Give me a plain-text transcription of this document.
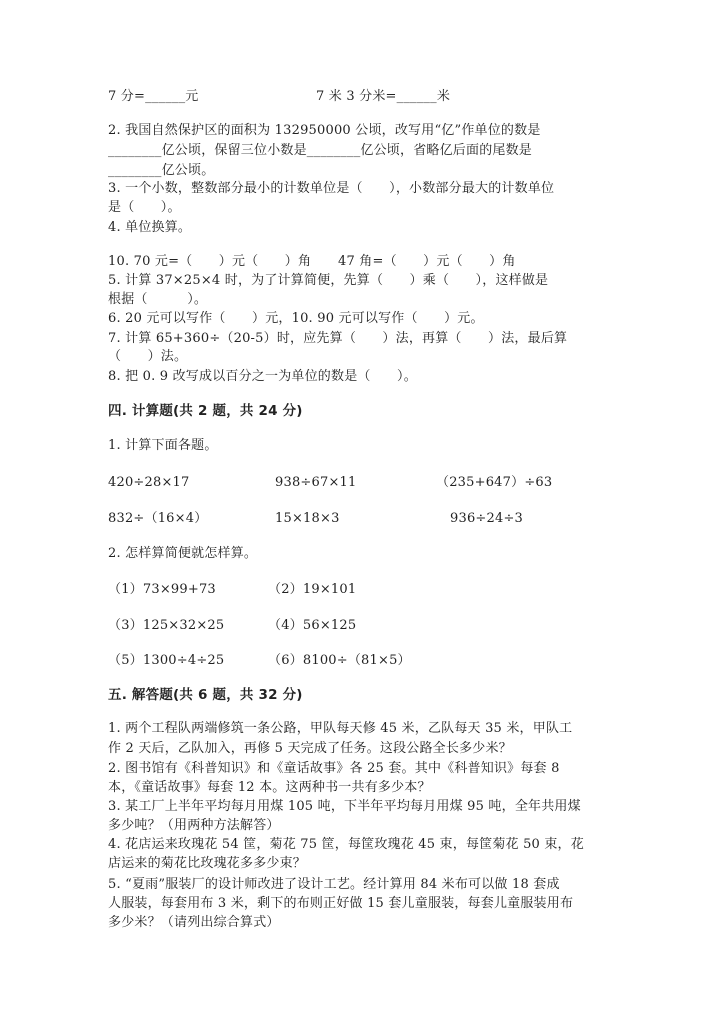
7 分=______元	7 米 3 分米=______米
2. 我国自然保护区的面积为 132950000 公顷，改写用“亿”作单位的数是
________亿公顷，保留三位小数是________亿公顷，省略亿后面的尾数是
________亿公顷。
3. 一个小数，整数部分最小的计数单位是（　　），小数部分最大的计数单位
是（　　）。
4. 单位换算。
10. 70 元=（　　）元（　　）角 47 角=（　　）元（　　）角
5. 计算 37×25×4 时，为了计算简便，先算（　　）乘（　　），这样做是
根据（　　　）。
6. 20 元可以写作（　　）元，10. 90 元可以写作（　　）元。
7. 计算 65+360÷（20-5）时，应先算（　　）法，再算（　　）法，最后算
（　　）法。
8. 把 0. 9 改写成以百分之一为单位的数是（　　）。
四. 计算题(共 2 题，共 24 分)
1. 计算下面各题。
420÷28×17	938÷67×11	（235+647）÷63
832÷（16×4）	15×18×3	936÷24÷3
2. 怎样算简便就怎样算。
（1）73×99+73	（2）19×101
（3）125×32×25	（4）56×125
（5）1300÷4÷25	（6）8100÷（81×5）
五. 解答题(共 6 题，共 32 分)
1. 两个工程队两端修筑一条公路，甲队每天修 45 米，乙队每天 35 米，甲队工
作 2 天后，乙队加入，再修 5 天完成了任务。这段公路全长多少米？
2. 图书馆有《科普知识》和《童话故事》各 25 套。其中《科普知识》每套 8
本，《童话故事》每套 12 本。这两种书一共有多少本？
3. 某工厂上半年平均每月用煤 105 吨，下半年平均每月用煤 95 吨，全年共用煤
多少吨？（用两种方法解答）
4. 花店运来玫瑰花 54 筐，菊花 75 筐，每筐玫瑰花 45 束，每筐菊花 50 束，花
店运来的菊花比玫瑰花多多少束？
5. “夏雨”服装厂的设计师改进了设计工艺。经计算用 84 米布可以做 18 套成
人服装，每套用布 3 米，剩下的布则正好做 15 套儿童服装，每套儿童服装用布
多少米？（请列出综合算式）
